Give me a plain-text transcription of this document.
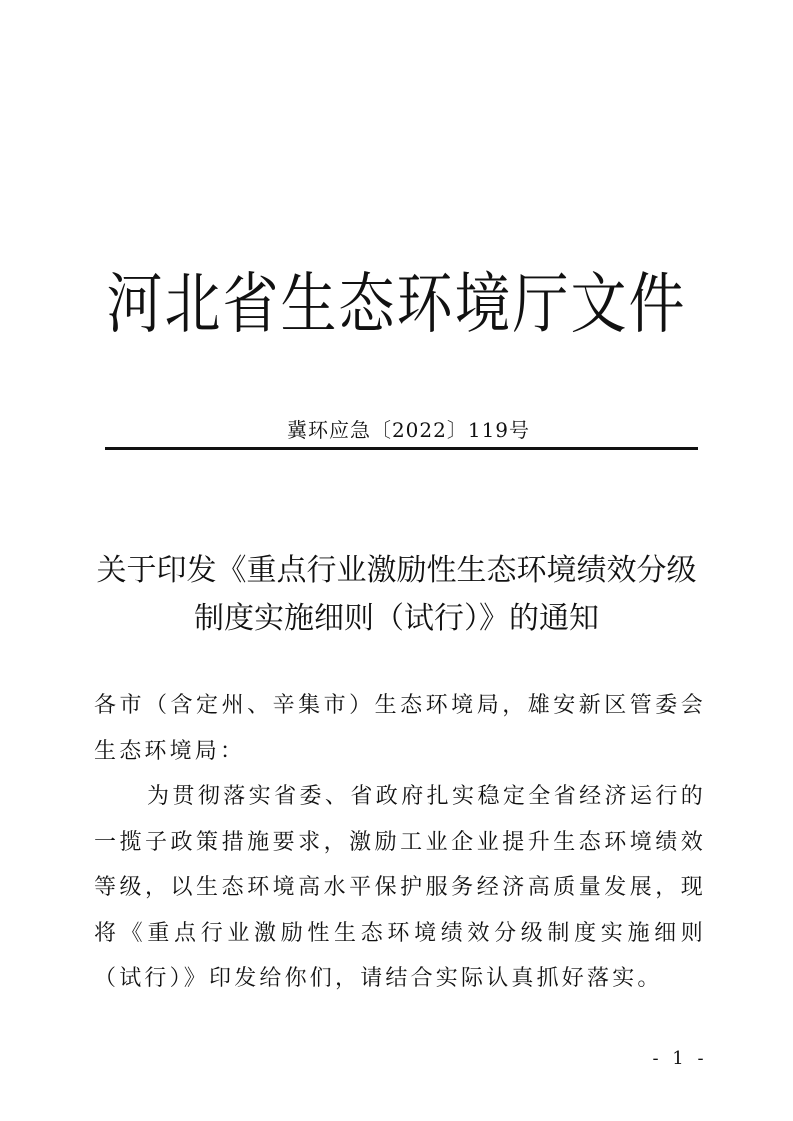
河北省生态环境厅文件
冀环应急〔2022〕119号
关于印发《重点行业激励性生态环境绩效分级
制度实施细则（试行）》的通知

各市（含定州、辛集市）生态环境局，雄安新区管委会生态环境局：

为贯彻落实省委、省政府扎实稳定全省经济运行的一揽子政策措施要求，激励工业企业提升生态环境绩效等级，以生态环境高水平保护服务经济高质量发展，现将《重点行业激励性生态环境绩效分级制度实施细则（试行）》印发给你们，请结合实际认真抓好落实。

- 1 -
